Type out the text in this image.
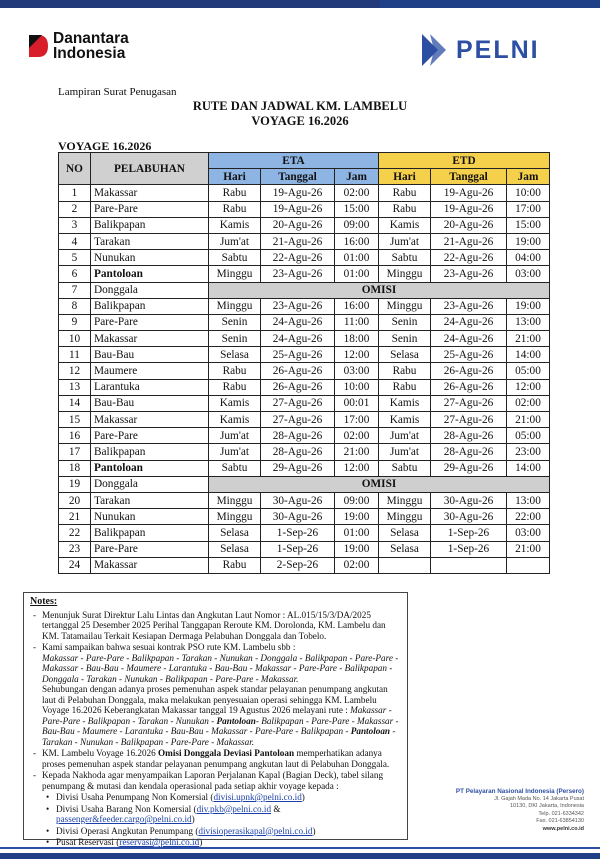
Danantara
Indonesia	PELNI
Lampiran Surat Penugasan
RUTE DAN JADWAL KM. LAMBELU
VOYAGE 16.2026
VOYAGE 16.2026
NO	PELABUHAN	ETA			ETD		
		Hari	Tanggal	Jam	Hari	Tanggal	Jam
1	Makassar	Rabu	19-Agu-26	02:00	Rabu	19-Agu-26	10:00
2	Pare-Pare	Rabu	19-Agu-26	15:00	Rabu	19-Agu-26	17:00
3	Balikpapan	Kamis	20-Agu-26	09:00	Kamis	20-Agu-26	15:00
4	Tarakan	Jum'at	21-Agu-26	16:00	Jum'at	21-Agu-26	19:00
5	Nunukan	Sabtu	22-Agu-26	01:00	Sabtu	22-Agu-26	04:00
6	Pantoloan	Minggu	23-Agu-26	01:00	Minggu	23-Agu-26	03:00
7	Donggala	OMISI					
8	Balikpapan	Minggu	23-Agu-26	16:00	Minggu	23-Agu-26	19:00
9	Pare-Pare	Senin	24-Agu-26	11:00	Senin	24-Agu-26	13:00
10	Makassar	Senin	24-Agu-26	18:00	Senin	24-Agu-26	21:00
11	Bau-Bau	Selasa	25-Agu-26	12:00	Selasa	25-Agu-26	14:00
12	Maumere	Rabu	26-Agu-26	03:00	Rabu	26-Agu-26	05:00
13	Larantuka	Rabu	26-Agu-26	10:00	Rabu	26-Agu-26	12:00
14	Bau-Bau	Kamis	27-Agu-26	00:01	Kamis	27-Agu-26	02:00
15	Makassar	Kamis	27-Agu-26	17:00	Kamis	27-Agu-26	21:00
16	Pare-Pare	Jum'at	28-Agu-26	02:00	Jum'at	28-Agu-26	05:00
17	Balikpapan	Jum'at	28-Agu-26	21:00	Jum'at	28-Agu-26	23:00
18	Pantoloan	Sabtu	29-Agu-26	12:00	Sabtu	29-Agu-26	14:00
19	Donggala	OMISI					
20	Tarakan	Minggu	30-Agu-26	09:00	Minggu	30-Agu-26	13:00
21	Nunukan	Minggu	30-Agu-26	19:00	Minggu	30-Agu-26	22:00
22	Balikpapan	Selasa	1-Sep-26	01:00	Selasa	1-Sep-26	03:00
23	Pare-Pare	Selasa	1-Sep-26	19:00	Selasa	1-Sep-26	21:00
24	Makassar	Rabu	2-Sep-26	02:00			
Notes:
- Menunjuk Surat Direktur Lalu Lintas dan Angkutan Laut Nomor : AL.015/15/3/DA/2025 tertanggal 25 Desember 2025 Perihal Tanggapan Reroute KM. Dorolonda, KM. Lambelu dan KM. Tatamailau Terkait Kesiapan Dermaga Pelabuhan Donggala dan Tobelo.
- Kami sampaikan bahwa sesuai kontrak PSO rute KM. Lambelu sbb :
Makassar - Pare-Pare - Balikpapan - Tarakan - Nunukan - Donggala - Balikpapan - Pare-Pare - Makassar - Bau-Bau - Maumere - Larantuka - Bau-Bau - Makassar - Pare-Pare - Balikpapan - Donggala - Tarakan - Nunukan - Balikpapan - Pare-Pare - Makassar.
Sehubungan dengan adanya proses pemenuhan aspek standar pelayanan penumpang angkutan laut di Pelabuhan Donggala, maka melakukan penyesuaian operasi sehingga KM. Lambelu Voyage 16.2026 Keberangkatan Makassar tanggal 19 Agustus 2026 melayani rute : Makassar - Pare-Pare - Balikpapan - Tarakan - Nunukan - Pantoloan- Balikpapan - Pare-Pare - Makassar - Bau-Bau - Maumere - Larantuka - Bau-Bau - Makassar - Pare-Pare - Balikpapan - Pantoloan - Tarakan - Nunukan - Balikpapan - Pare-Pare - Makassar.
- KM. Lambelu Voyage 16.2026 Omisi Donggala Deviasi Pantoloan memperhatikan adanya proses pemenuhan aspek standar pelayanan penumpang angkutan laut di Pelabuhan Donggala.
- Kepada Nakhoda agar menyampaikan Laporan Perjalanan Kapal (Bagian Deck), tabel silang penumpang & mutasi dan kendala operasional pada setiap akhir voyage kepada :
• Divisi Usaha Penumpang Non Komersial (divisi.upnk@pelni.co.id)
• Divisi Usaha Barang Non Komersial (div.pkb@pelni.co.id &
passenger&feeder.cargo@pelni.co.id)
• Divisi Operasi Angkutan Penumpang (divisioperasikapal@pelni.co.id)
• Pusat Reservasi (reservasi@pelni.co.id)
PT Pelayaran Nasional Indonesia (Persero)
Jl. Gajah Mada No. 14 Jakarta Pusat
10130, DKI Jakarta, Indonesia
Telp. 021-6334342
Fax. 021-63854130
www.pelni.co.id
